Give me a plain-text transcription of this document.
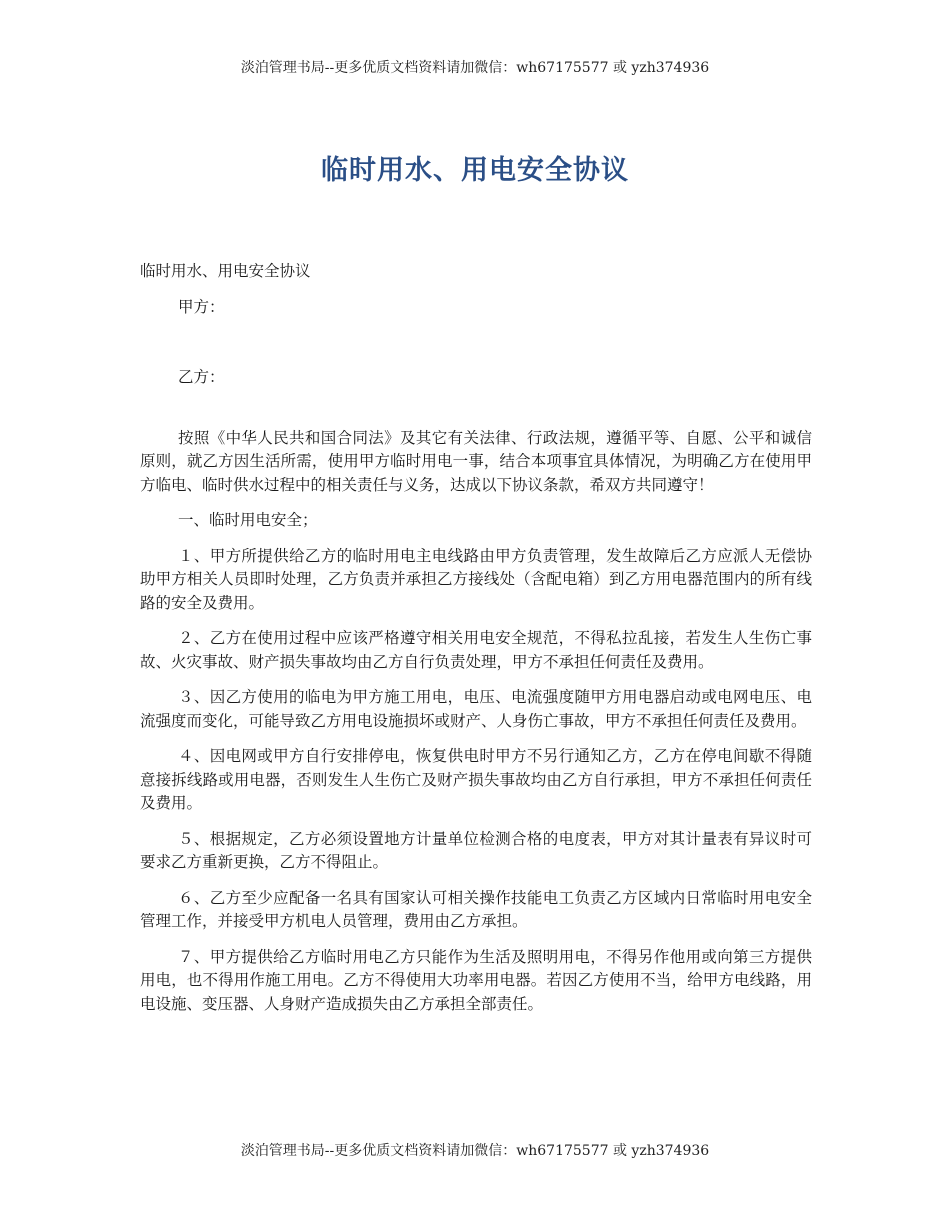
淡泊管理书局--更多优质文档资料请加微信：wh67175577 或 yzh374936
临时用水、用电安全协议

临时用水、用电安全协议

甲方：

乙方：

按照《中华人民共和国合同法》及其它有关法律、行政法规，遵循平等、自愿、公平和诚信原则，就乙方因生活所需，使用甲方临时用电一事，结合本项事宜具体情况，为明确乙方在使用甲方临电、临时供水过程中的相关责任与义务，达成以下协议条款，希双方共同遵守！

一、临时用电安全；

１、甲方所提供给乙方的临时用电主电线路由甲方负责管理，发生故障后乙方应派人无偿协助甲方相关人员即时处理，乙方负责并承担乙方接线处（含配电箱）到乙方用电器范围内的所有线路的安全及费用。

２、乙方在使用过程中应该严格遵守相关用电安全规范，不得私拉乱接，若发生人生伤亡事故、火灾事故、财产损失事故均由乙方自行负责处理，甲方不承担任何责任及费用。

３、因乙方使用的临电为甲方施工用电，电压、电流强度随甲方用电器启动或电网电压、电流强度而变化，可能导致乙方用电设施损坏或财产、人身伤亡事故，甲方不承担任何责任及费用。

４、因电网或甲方自行安排停电，恢复供电时甲方不另行通知乙方，乙方在停电间歇不得随意接拆线路或用电器，否则发生人生伤亡及财产损失事故均由乙方自行承担，甲方不承担任何责任及费用。

５、根据规定，乙方必须设置地方计量单位检测合格的电度表，甲方对其计量表有异议时可要求乙方重新更换，乙方不得阻止。

６、乙方至少应配备一名具有国家认可相关操作技能电工负责乙方区域内日常临时用电安全管理工作，并接受甲方机电人员管理，费用由乙方承担。

７、甲方提供给乙方临时用电乙方只能作为生活及照明用电，不得另作他用或向第三方提供用电，也不得用作施工用电。乙方不得使用大功率用电器。若因乙方使用不当，给甲方电线路，用电设施、变压器、人身财产造成损失由乙方承担全部责任。

淡泊管理书局--更多优质文档资料请加微信：wh67175577 或 yzh374936
